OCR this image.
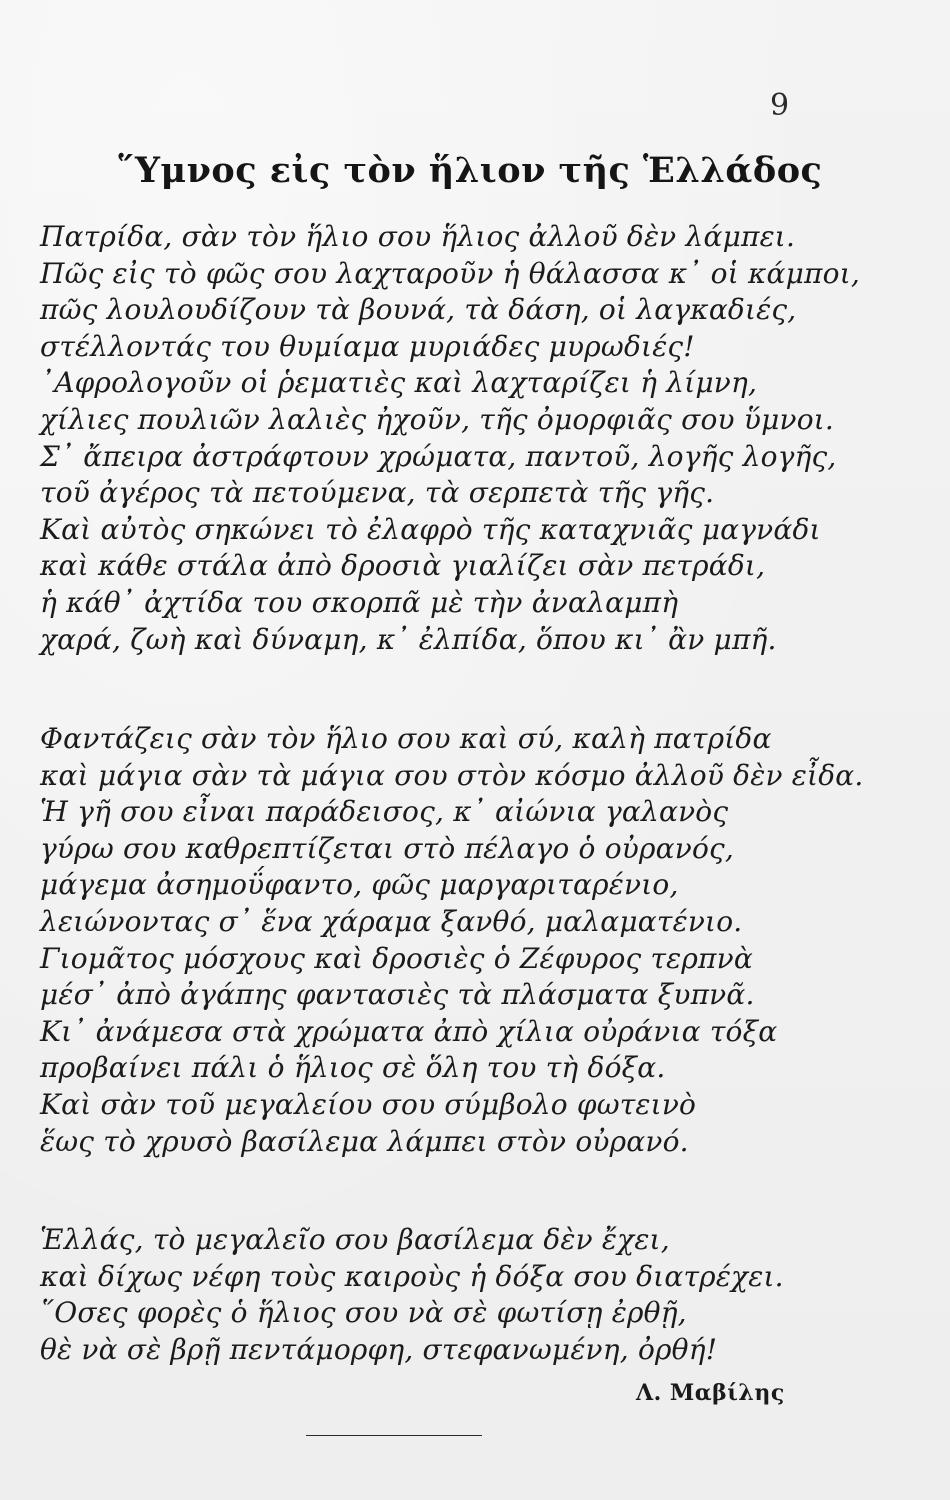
9
῞Υμνος εἰς τὸν ἥλιον τῆς Ἑλλάδος
Πατρίδα, σὰν τὸν ἥλιο σου ἥλιος ἀλλοῦ δὲν λάμπει.
Πῶς εἰς τὸ φῶς σου λαχταροῦν ἡ θάλασσα κ᾽ οἱ κάμποι,
πῶς λουλουδίζουν τὰ βουνά, τὰ δάση, οἱ λαγκαδιές,
στέλλοντάς του θυμίαμα μυριάδες μυρωδιές!
᾽Αφρολογοῦν οἱ ῥεματιὲς καὶ λαχταρίζει ἡ λίμνη,
χίλιες πουλιῶν λαλιὲς ἠχοῦν, τῆς ὀμορφιᾶς σου ὕμνοι.
Σ᾽ ἄπειρα ἀστράφτουν χρώματα, παντοῦ, λογῆς λογῆς,
τοῦ ἀγέρος τὰ πετούμενα, τὰ σερπετὰ τῆς γῆς.
Καὶ αὐτὸς σηκώνει τὸ ἐλαφρὸ τῆς καταχνιᾶς μαγνάδι
καὶ κάθε στάλα ἀπὸ δροσιὰ γιαλίζει σὰν πετράδι,
ἡ κάθ᾽ ἀχτίδα του σκορπᾶ μὲ τὴν ἀναλαμπὴ
χαρά, ζωὴ καὶ δύναμη, κ᾽ ἐλπίδα, ὅπου κι᾽ ἂν μπῆ.
Φαντάζεις σὰν τὸν ἥλιο σου καὶ σύ, καλὴ πατρίδα
καὶ μάγια σὰν τὰ μάγια σου στὸν κόσμο ἀλλοῦ δὲν εἶδα.
Ἡ γῆ σου εἶναι παράδεισος, κ᾽ αἰώνια γαλανὸς
γύρω σου καθρεπτίζεται στὸ πέλαγο ὁ οὐρανός,
μάγεμα ἀσημοΰφαντο, φῶς μαργαριταρένιο,
λειώνοντας σ᾽ ἕνα χάραμα ξανθό, μαλαματένιο.
Γιομᾶτος μόσχους καὶ δροσιὲς ὁ Ζέφυρος τερπνὰ
μέσ᾽ ἀπὸ ἀγάπης φαντασιὲς τὰ πλάσματα ξυπνᾶ.
Κι᾽ ἀνάμεσα στὰ χρώματα ἀπὸ χίλια οὐράνια τόξα
προβαίνει πάλι ὁ ἥλιος σὲ ὅλη του τὴ δόξα.
Καὶ σὰν τοῦ μεγαλείου σου σύμβολο φωτεινὸ
ἕως τὸ χρυσὸ βασίλεμα λάμπει στὸν οὐρανό.
Ἑλλάς, τὸ μεγαλεῖο σου βασίλεμα δὲν ἔχει,
καὶ δίχως νέφη τοὺς καιροὺς ἡ δόξα σου διατρέχει.
῞Οσες φορὲς ὁ ἥλιος σου νὰ σὲ φωτίσῃ ἐρθῇ,
θὲ νὰ σὲ βρῇ πεντάμορφη, στεφανωμένη, ὀρθή!
Λ. Μαβίλης
